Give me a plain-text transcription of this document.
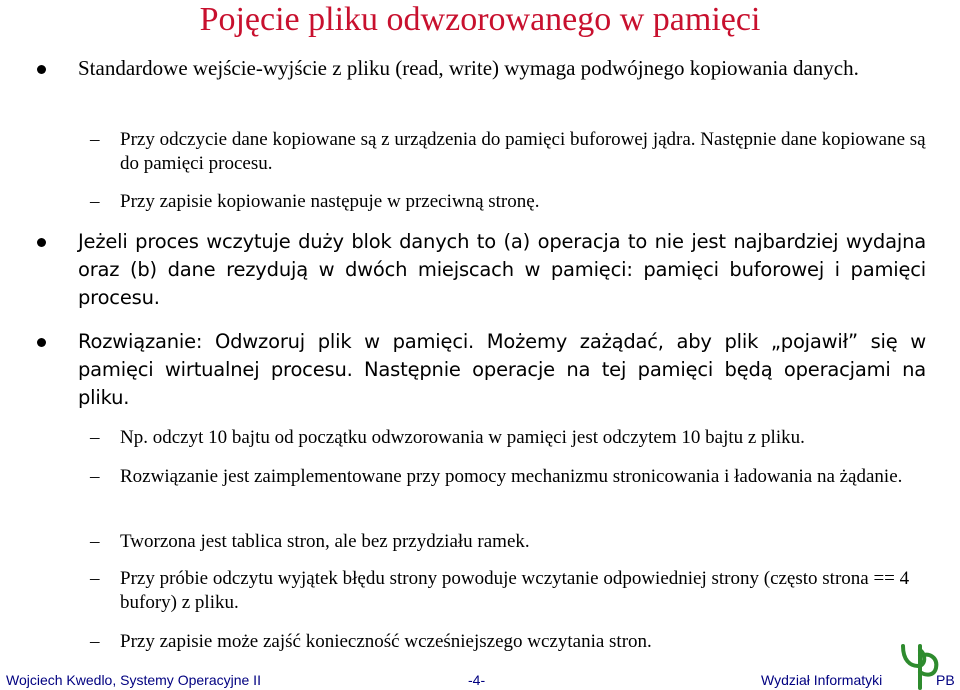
Pojęcie pliku odwzorowanego w pamięci
Standardowe wejście-wyjście z pliku (read, write) wymaga podwójnego kopiowania danych.
– Przy odczycie dane kopiowane są z urządzenia do pamięci buforowej jądra. Następnie dane kopiowane są do pamięci procesu.
– Przy zapisie kopiowanie następuje w przeciwną stronę.
Jeżeli proces wczytuje duży blok danych to (a) operacja to nie jest najbardziej wydajna oraz (b) dane rezydują w dwóch miejscach w pamięci: pamięci buforowej i pamięci procesu.
Rozwiązanie: Odwzoruj plik w pamięci. Możemy zażądać, aby plik „pojawił” się w pamięci wirtualnej procesu. Następnie operacje na tej pamięci będą operacjami na pliku.
– Np. odczyt 10 bajtu od początku odwzorowania w pamięci jest odczytem 10 bajtu z pliku.
– Rozwiązanie jest zaimplementowane przy pomocy mechanizmu stronicowania i ładowania na żądanie.
– Tworzona jest tablica stron, ale bez przydziału ramek.
– Przy próbie odczytu wyjątek błędu strony powoduje wczytanie odpowiedniej strony (często strona == 4 bufory) z pliku.
– Przy zapisie może zajść konieczność wcześniejszego wczytania stron.
Wojciech Kwedlo, Systemy Operacyjne II	-4-	Wydział Informatyki	PB
